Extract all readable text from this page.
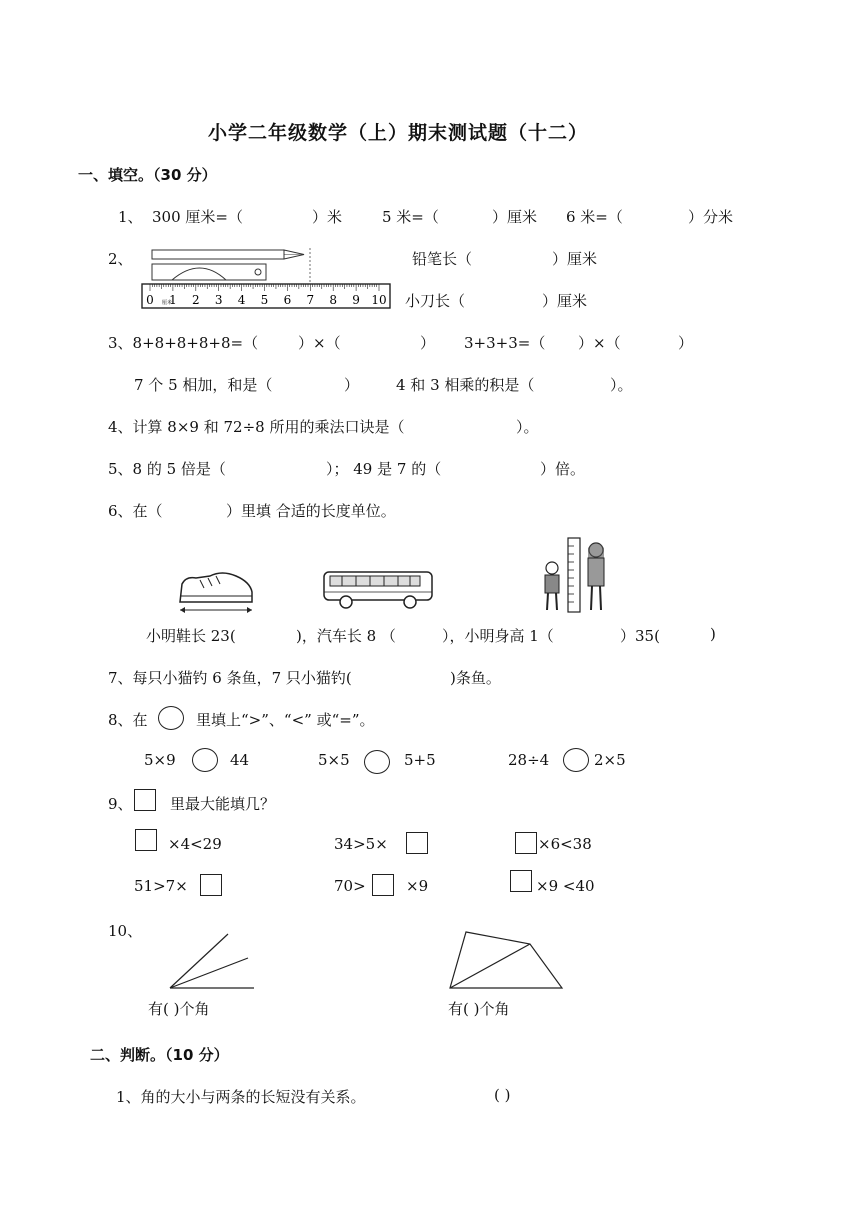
小学二年级数学（上）期末测试题（十二）
一、填空。（30 分）
1、 300 厘米=（	）米	5 米=（	）厘米 6 米=（	）分米
2、
0 1 2 3 4 5 6 7 8 9 10
厘米
铅笔长（	）厘米
小刀长（	）厘米
3、8+8+8+8+8=（	）×（	） 3+3+3=（ ）×（	）
7 个 5 相加，和是（	） 4 和 3 相乘的积是（	）。
4、计算 8×9 和 72÷8 所用的乘法口诀是（	）。
5、8 的 5 倍是（	）； 49 是 7 的（	）倍。
6、在（	）里填 合适的长度单位。
小明鞋长 23(	)，汽车长 8 （	），小明身高 1（	）35(	)
7、每只小猫钓 6 条鱼，7 只小猫钓(	)条鱼。
8、在	里填上“>”、“<” 或“=”。
5×9	44	5×5	5+5	28÷4	2×5
9、 里最大能填几？
×4<29	34>5×	×6<38
51>7×	70>	×9	×9 <40
10、
有( )个角	有( )个角
二、判断。（10 分）
1、角的大小与两条的长短没有关系。	( )
